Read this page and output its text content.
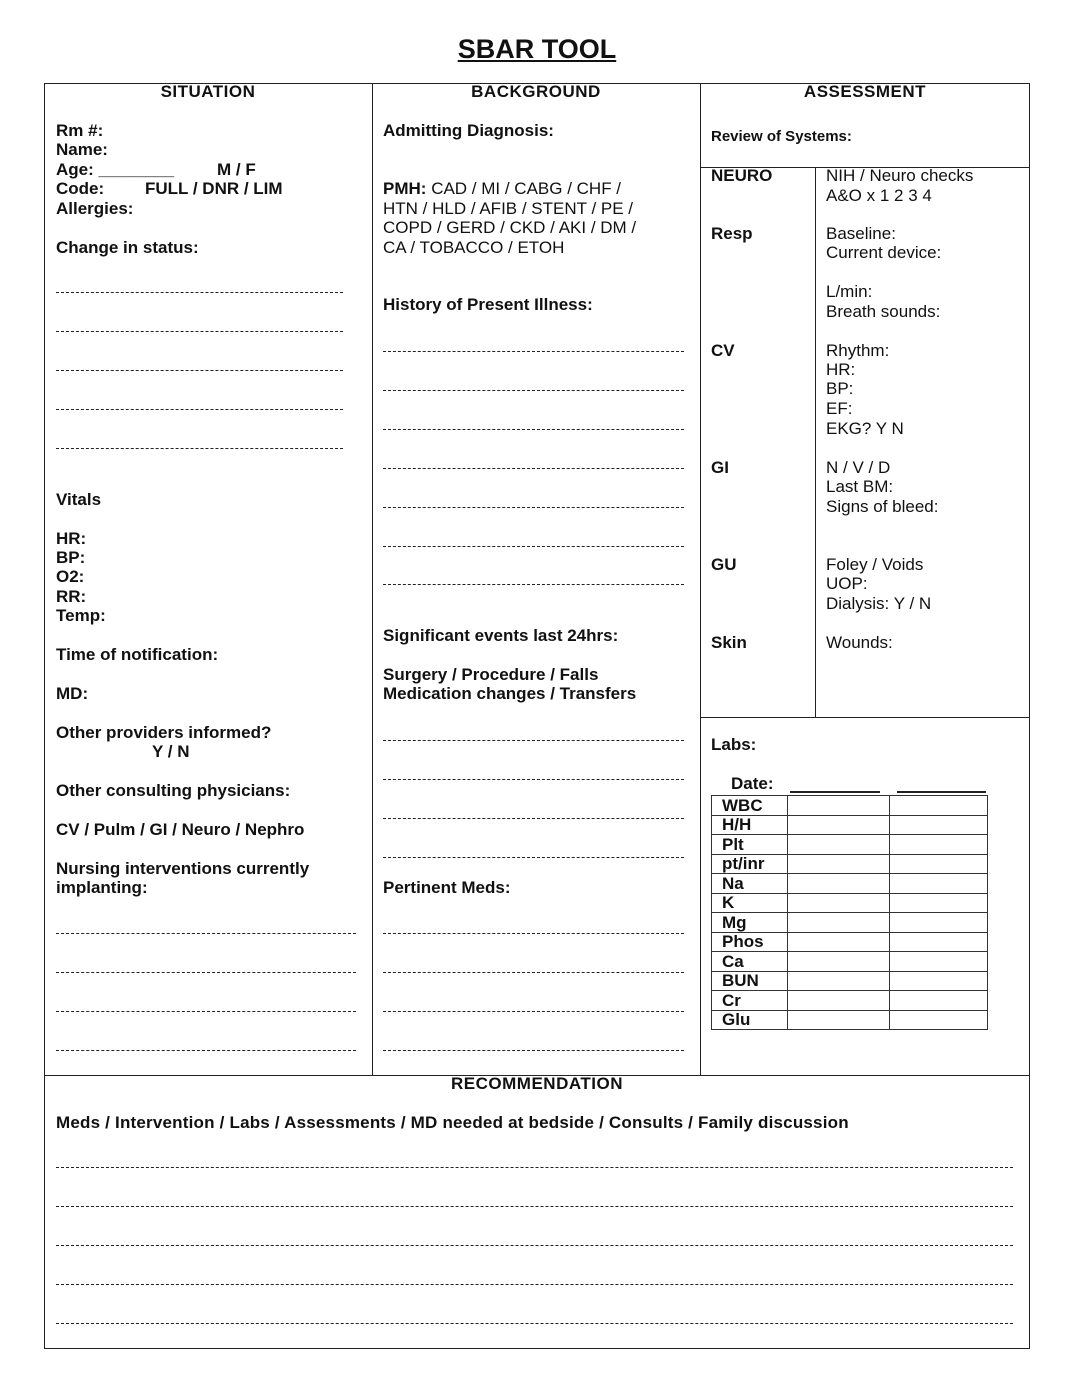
SBAR TOOL
SITUATION
Rm #:
Name:
Age: ________	M / F
Code: FULL / DNR / LIM
Allergies:
Change in status:
Vitals
HR:
BP:
O2:
RR:
Temp:
Time of notification:
MD:
Other providers informed?
Y / N
Other consulting physicians:
CV / Pulm / GI / Neuro / Nephro
Nursing interventions currently
implanting:
BACKGROUND
Admitting Diagnosis:
PMH: CAD / MI / CABG / CHF /
HTN / HLD / AFIB / STENT / PE /
COPD / GERD / CKD / AKI / DM /
CA / TOBACCO / ETOH
History of Present Illness:
Significant events last 24hrs:
Surgery / Procedure / Falls
Medication changes / Transfers
Pertinent Meds:
ASSESSMENT
Review of Systems:
NEURO	NIH / Neuro checks
A&O x 1 2 3 4
Resp	Baseline:
Current device:
L/min:
Breath sounds:
CV	Rhythm:
HR:
BP:
EF:
EKG? Y N
GI	N / V / D
Last BM:
Signs of bleed:
GU	Foley / Voids
UOP:
Dialysis: Y / N
Skin	Wounds:
Labs:
Date:
WBC		
H/H		
Plt		
pt/inr		
Na		
K		
Mg		
Phos		
Ca		
BUN		
Cr		
Glu		
RECOMMENDATION
Meds / Intervention / Labs / Assessments / MD needed at bedside / Consults / Family discussion
